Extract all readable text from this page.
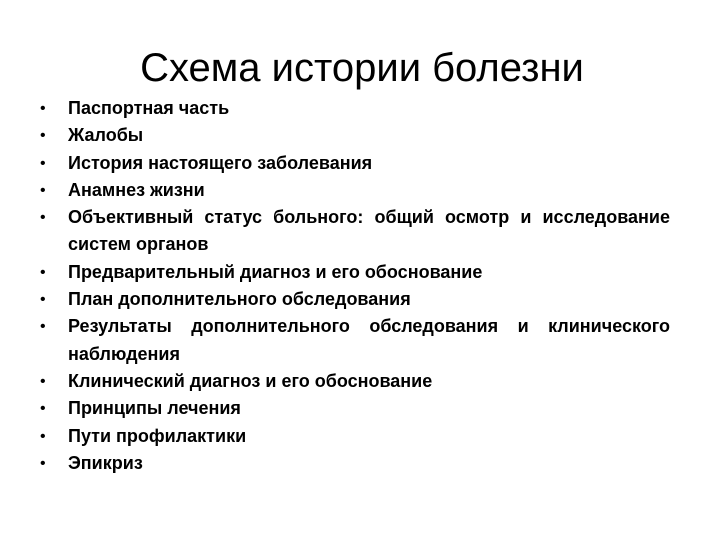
Схема истории болезни
• Паспортная часть
• Жалобы
• История настоящего заболевания
• Анамнез жизни
• Объективный статус больного: общий осмотр и исследование систем органов
• Предварительный диагноз и его обоснование
• План дополнительного обследования
• Результаты дополнительного обследования и клинического наблюдения
• Клинический диагноз и его обоснование
• Принципы лечения
• Пути профилактики
• Эпикриз
